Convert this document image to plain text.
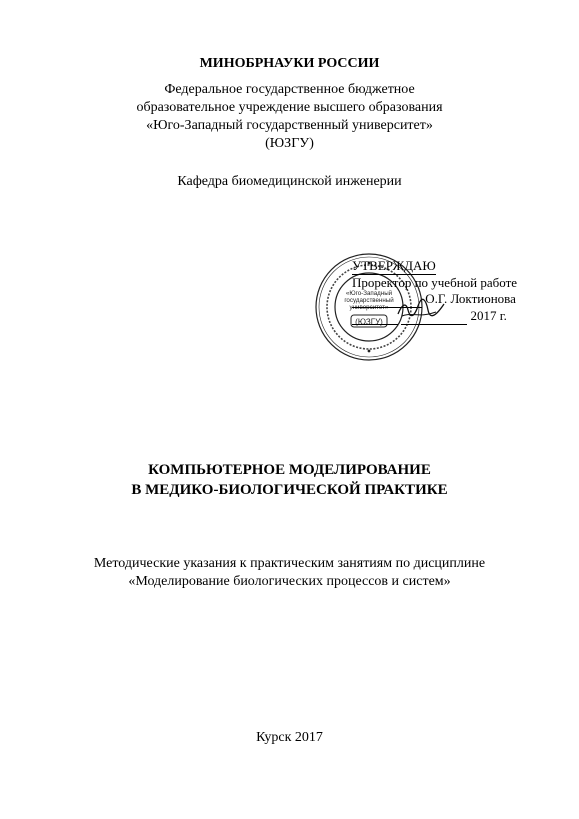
МИНОБРНАУКИ РОССИИ
Федеральное государственное бюджетное
образовательное учреждение высшего образования
«Юго-Западный государственный университет»
(ЮЗГУ)
Кафедра биомедицинской инженерии
«Юго-Западный
государственный
университет»
(ЮЗГУ)
УТВЕРЖДАЮ
Проректор по учебной работе
О.Г. Локтионова
2017 г.
КОМПЬЮТЕРНОЕ МОДЕЛИРОВАНИЕ
В МЕДИКО-БИОЛОГИЧЕСКОЙ ПРАКТИКЕ
Методические указания к практическим занятиям по дисциплине
«Моделирование биологических процессов и систем»
Курск 2017
